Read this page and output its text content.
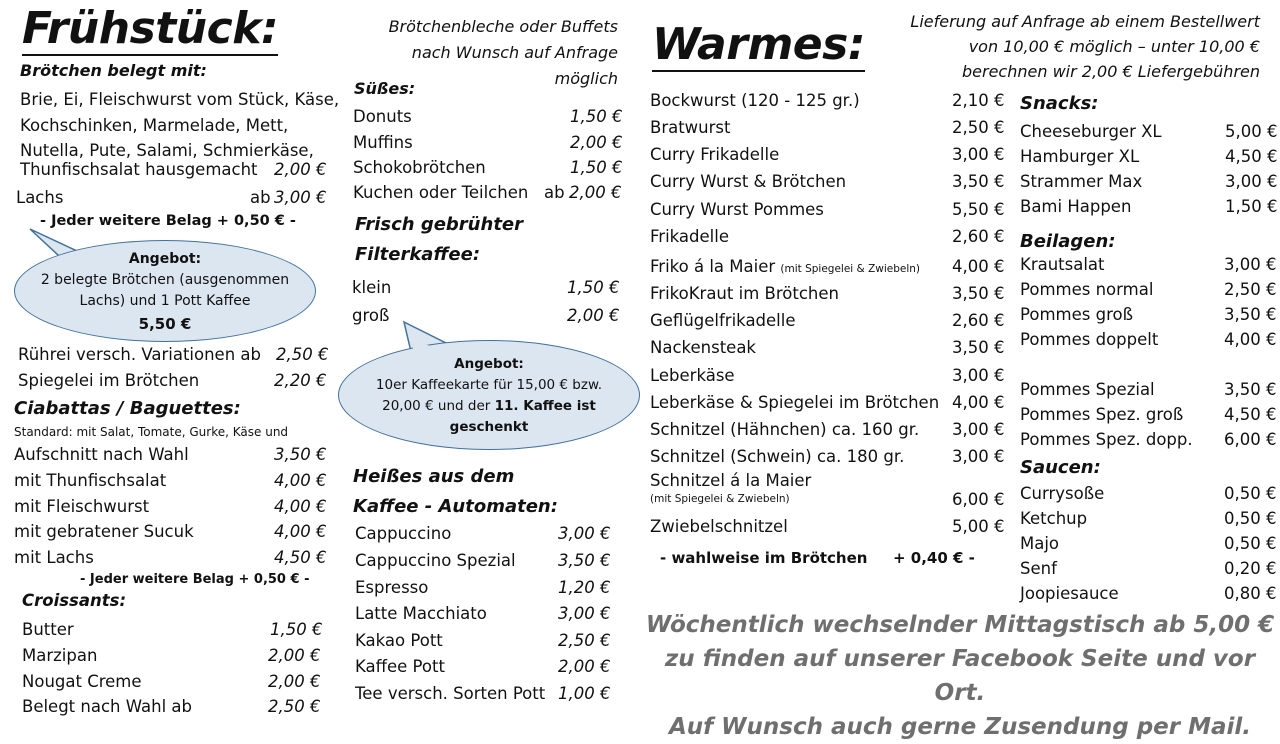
Frühstück:
Brötchen belegt mit:
Brie, Ei, Fleischwurst vom Stück, Käse,
Kochschinken, Marmelade, Mett,
Nutella, Pute, Salami, Schmierkäse,
Thunfischsalat hausgemacht 2,00 €
Lachs	ab 3,00 €
- Jeder weitere Belag + 0,50 € -
Angebot:
2 belegte Brötchen (ausgenommen
Lachs) und 1 Pott Kaffee
5,50 €
Rührei versch. Variationen ab 2,50 €
Spiegelei im Brötchen	2,20 €
Ciabattas / Baguettes:
Standard: mit Salat, Tomate, Gurke, Käse und
Aufschnitt nach Wahl	3,50 €
mit Thunfischsalat	4,00 €
mit Fleischwurst	4,00 €
mit gebratener Sucuk	4,00 €
mit Lachs	4,50 €
- Jeder weitere Belag + 0,50 € -
Croissants:
Butter	1,50 €
Marzipan	2,00 €
Nougat Creme	2,00 €
Belegt nach Wahl ab	2,50 €
Brötchenbleche oder Buffets
nach Wunsch auf Anfrage
möglich
Süßes:
Donuts	1,50 €
Muffins	2,00 €
Schokobrötchen	1,50 €
Kuchen oder Teilchen ab 2,00 €
Frisch gebrühter
Filterkaffee:
klein	1,50 €
groß	2,00 €
Angebot:
10er Kaffeekarte für 15,00 € bzw.
20,00 € und der 11. Kaffee ist
geschenkt
Heißes aus dem
Kaffee - Automaten:
Cappuccino	3,00 €
Cappuccino Spezial	3,50 €
Espresso	1,20 €
Latte Macchiato	3,00 €
Kakao Pott	2,50 €
Kaffee Pott	2,00 €
Tee versch. Sorten Pott 1,00 €
Warmes:	Lieferung auf Anfrage ab einem Bestellwert
von 10,00 € möglich – unter 10,00 €
berechnen wir 2,00 € Liefergebühren
Bockwurst (120 - 125 gr.)	2,10 €
Bratwurst	2,50 €
Curry Frikadelle	3,00 €
Curry Wurst & Brötchen	3,50 €
Curry Wurst Pommes	5,50 €
Frikadelle	2,60 €
Friko á la Maier (mit Spiegelei & Zwiebeln) 4,00 €
FrikoKraut im Brötchen	3,50 €
Geflügelfrikadelle	2,60 €
Nackensteak	3,50 €
Leberkäse	3,00 €
Leberkäse & Spiegelei im Brötchen 4,00 €
Schnitzel (Hähnchen) ca. 160 gr. 3,00 €
Schnitzel (Schwein) ca. 180 gr.	3,00 €
Schnitzel á la Maier
(mit Spiegelei & Zwiebeln)	6,00 €
Zwiebelschnitzel	5,00 €
- wahlweise im Brötchen + 0,40 € -
Snacks:
Cheeseburger XL	5,00 €
Hamburger XL	4,50 €
Strammer Max	3,00 €
Bami Happen	1,50 €
Beilagen:
Krautsalat	3,00 €
Pommes normal	2,50 €
Pommes groß	3,50 €
Pommes doppelt	4,00 €
Pommes Spezial	3,50 €
Pommes Spez. groß 4,50 €
Pommes Spez. dopp. 6,00 €
Saucen:
Currysoße	0,50 €
Ketchup	0,50 €
Majo	0,50 €
Senf	0,20 €
Joopiesauce	0,80 €
Wöchentlich wechselnder Mittagstisch ab 5,00 €
zu finden auf unserer Facebook Seite und vor Ort.
Auf Wunsch auch gerne Zusendung per Mail.
